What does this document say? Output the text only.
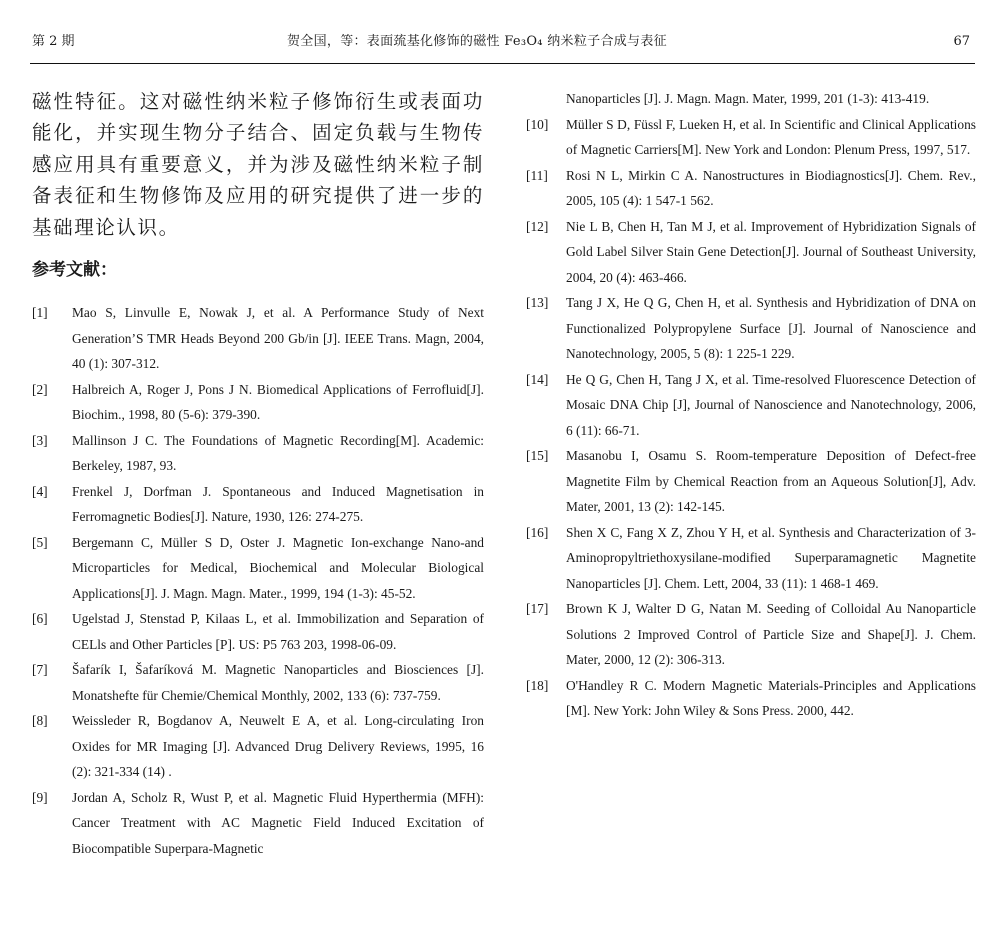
第 2 期	贺全国，等：表面巯基化修饰的磁性 Fe₃O₄ 纳米粒子合成与表征	67

磁性特征。这对磁性纳米粒子修饰衍生或表面功能化，并实现生物分子结合、固定负载与生物传感应用具有重要意义，并为涉及磁性纳米粒子制备表征和生物修饰及应用的研究提供了进一步的基础理论认识。

参考文献：
[1]	Mao S, Linvulle E, Nowak J, et al. A Performance Study of Next Generation’S TMR Heads Beyond 200 Gb/in [J]. IEEE Trans. Magn, 2004, 40 (1): 307-312.
[2]	Halbreich A, Roger J, Pons J N. Biomedical Applications of Ferrofluid[J]. Biochim., 1998, 80 (5-6): 379-390.
[3]	Mallinson J C. The Foundations of Magnetic Recording[M]. Academic: Berkeley, 1987, 93.
[4]	Frenkel J, Dorfman J. Spontaneous and Induced Magnetisation in Ferromagnetic Bodies[J]. Nature, 1930, 126: 274-275.
[5]	Bergemann C, Müller S D, Oster J. Magnetic Ion-exchange Nano-and Microparticles for Medical, Biochemical and Molecular Biological Applications[J]. J. Magn. Magn. Mater., 1999, 194 (1-3): 45-52.
[6]	Ugelstad J, Stenstad P, Kilaas L, et al. Immobilization and Separation of CELls and Other Particles [P]. US: P5 763 203, 1998-06-09.
[7]	Šafarík I, Šafaríková M. Magnetic Nanoparticles and Biosciences [J]. Monatshefte für Chemie/Chemical Monthly, 2002, 133 (6): 737-759.
[8]	Weissleder R, Bogdanov A, Neuwelt E A, et al. Long-circulating Iron Oxides for MR Imaging [J]. Advanced Drug Delivery Reviews, 1995, 16 (2): 321-334 (14) .
[9]	Jordan A, Scholz R, Wust P, et al. Magnetic Fluid Hyperthermia (MFH): Cancer Treatment with AC Magnetic Field Induced Excitation of Biocompatible Superpara-Magnetic
Nanoparticles [J]. J. Magn. Magn. Mater, 1999, 201 (1-3): 413-419.
[10]	Müller S D, Füssl F, Lueken H, et al. In Scientific and Clinical Applications of Magnetic Carriers[M]. New York and London: Plenum Press, 1997, 517.
[11]	Rosi N L, Mirkin C A. Nanostructures in Biodiagnostics[J]. Chem. Rev., 2005, 105 (4): 1 547-1 562.
[12]	Nie L B, Chen H, Tan M J, et al. Improvement of Hybridization Signals of Gold Label Silver Stain Gene Detection[J]. Journal of Southeast University, 2004, 20 (4): 463-466.
[13]	Tang J X, He Q G, Chen H, et al. Synthesis and Hybridization of DNA on Functionalized Polypropylene Surface [J]. Journal of Nanoscience and Nanotechnology, 2005, 5 (8): 1 225-1 229.
[14]	He Q G, Chen H, Tang J X, et al. Time-resolved Fluorescence Detection of Mosaic DNA Chip [J], Journal of Nanoscience and Nanotechnology, 2006, 6 (11): 66-71.
[15]	Masanobu I, Osamu S. Room-temperature Deposition of Defect-free Magnetite Film by Chemical Reaction from an Aqueous Solution[J], Adv. Mater, 2001, 13 (2): 142-145.
[16]	Shen X C, Fang X Z, Zhou Y H, et al. Synthesis and Characterization of 3-Aminopropyltriethoxysilane-modified Superparamagnetic Magnetite Nanoparticles [J]. Chem. Lett, 2004, 33 (11): 1 468-1 469.
[17]	Brown K J, Walter D G, Natan M. Seeding of Colloidal Au Nanoparticle Solutions 2 Improved Control of Particle Size and Shape[J]. J. Chem. Mater, 2000, 12 (2): 306-313.
[18]	O'Handley R C. Modern Magnetic Materials-Principles and Applications [M]. New York: John Wiley & Sons Press. 2000, 442.
